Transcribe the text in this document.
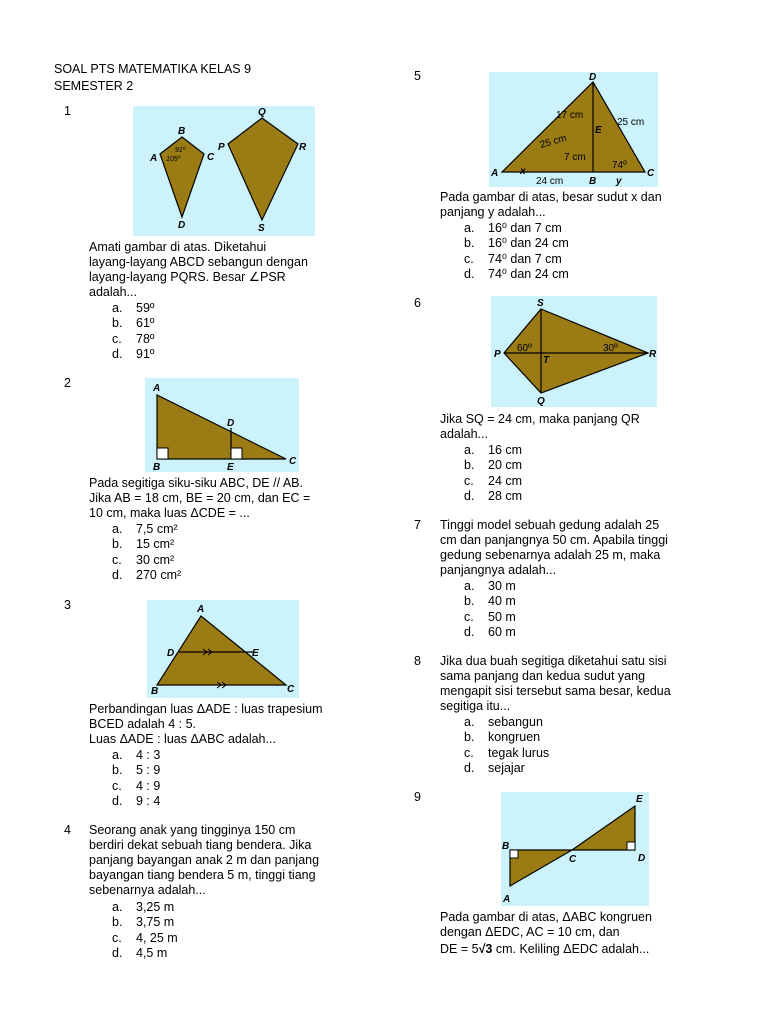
SOAL PTS MATEMATIKA KELAS 9
SEMESTER 2
1
B
A	C
D
P
Q
R
S
91º
105º
Amati gambar di atas. Diketahui
layang-layang ABCD sebangun dengan
layang-layang PQRS. Besar ∠PSR
adalah...
a.	59º
b.	61º
c.	78º
d.	91º
2	A
B
C
D
E
Pada segitiga siku-siku ABC, DE // AB.
Jika AB = 18 cm, BE = 20 cm, dan EC =
10 cm, maka luas ΔCDE = ...
a.	7,5 cm²
b.	15 cm²
c.	30 cm²
d.	270 cm²
3	A
B	C
D	E
Perbandingan luas ΔADE : luas trapesium
BCED adalah 4 : 5.
Luas ΔADE : luas ΔABC adalah...
a.	4 : 3
b.	5 : 9
c.	4 : 9
d.	9 : 4
4 Seorang anak yang tingginya 150 cm
berdiri dekat sebuah tiang bendera. Jika
panjang bayangan anak 2 m dan panjang
bayangan tiang bendera 5 m, tinggi tiang
sebenarnya adalah...
a.	3,25 m
b.	3,75 m
c.	4, 25 m
d.	4,5 m
5	D
A
B
C
E
x
y
17 cm
25 cm
25 cm
7 cm
24 cm
74º
Pada gambar di atas, besar sudut x dan
panjang y adalah...
a.	16⁰ dan 7 cm
b.	16⁰ dan 24 cm
c.	74⁰ dan 7 cm
d.	74⁰ dan 24 cm
6	S
P
T
R
Q
60º	30º
Jika SQ = 24 cm, maka panjang QR
adalah...
a.	16 cm
b.	20 cm
c.	24 cm
d.	28 cm
7 Tinggi model sebuah gedung adalah 25
cm dan panjangnya 50 cm. Apabila tinggi
gedung sebenarnya adalah 25 m, maka
panjangnya adalah...
a.	30 m
b.	40 m
c.	50 m
d.	60 m
8 Jika dua buah segitiga diketahui satu sisi
sama panjang dan kedua sudut yang
mengapit sisi tersebut sama besar, kedua
segitiga itu...
a.	sebangun
b.	kongruen
c.	tegak lurus
d.	sejajar
9
B
C	D
E
A
Pada gambar di atas, ΔABC kongruen
dengan ΔEDC, AC = 10 cm, dan
DE = 5√3 cm. Keliling ΔEDC adalah...
